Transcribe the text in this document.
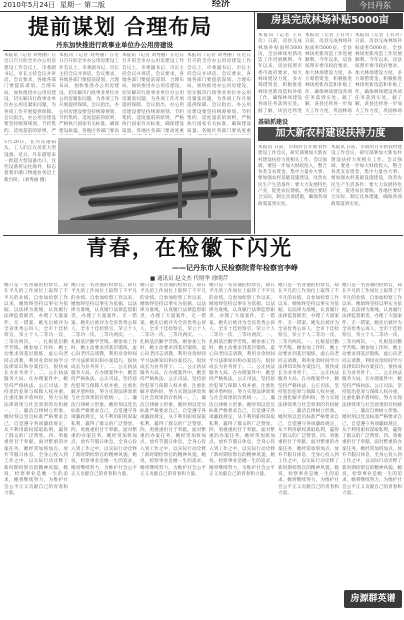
2010年5月24日 星期一 第二版	经济	今日丹东
提前谋划 合理布局
丹东加快推进行政事业单位办公用房建设

本报讯（记者 刘秀丽）在近日召开的全市办公用房建设工作会议上，市委副书记、市长主持会议并讲话。会议要求，各地各部门要提前谋划、合理布局，加快推进办公用房建设，切实解决行政事业单位办公用房紧张问题，为各项工作开展提供保障。会议指出，办公用房建设要坚持统筹规划、节约集约、适度超前的原则，严

本报讯（记者 刘秀丽）在近日召开的全市办公用房建设工作会议上，市委副书记、市长主持会议并讲话。会议要求，各地各部门要提前谋划、合理布局，加快推进办公用房建设，切实解决行政事业单位办公用房紧张问题，为各项工作开展提供保障。会议指出，办公用房建设要坚持统筹规划、节约集约、适度超前的原则，严格执行国家有关标准，确保建设质量。各地区各部门要高

本报讯（记者 刘秀丽）在近日召开的全市办公用房建设工作会议上，市委副书记、市长主持会议并讲话。会议要求，各地各部门要提前谋划、合理布局，加快推进办公用房建设，切实解决行政事业单位办公用房紧张问题，为各项工作开展提供保障。会议指出，办公用房建设要坚持统筹规划、节约集约、适度超前的原则，严格执行国家有关标准，确保建设质量。各地区各部门要高度重

本报讯（记者 刘秀丽）在近日召开的全市办公用房建设工作会议上，市委副书记、市长主持会议并讲话。会议要求，各地各部门要提前谋划、合理布局，加快推进办公用房建设，切实解决行政事业单位办公用房紧张问题，为各项工作开展提供保障。会议指出，办公用房建设要坚持统筹规划、节约集约、适度超前的原则，严格执行国家有关标准，确保建设质量。各地区各部门要高度重

5月20日，在丹东港码头，工人们正在吊装大型设备。近日，丹东港迎来一批超大型设备出口，这些设备将运往海外，标志着我市港口物流业务迈上新台阶。（刘秀丽 摄）

房县完成林场补贴5000亩

本报讯（记者 王有功）日前，房县完成林场补贴面积5000亩，全县林场更新改造工作进展顺利。今年以来，房县按照市委市政府要求，加大林场建设力度，多方筹措资金，积极推进林场更新改造和补贴工作，确保林场建设各项任务落到实处。据了解，该县还将进

本报讯（记者 王有功）日前，房县完成林场补贴面积5000亩，全县林场更新改造工作进展顺利。今年以来，房县按照市委市政府要求，加大林场建设力度，多方筹措资金，积极推进林场更新改造和补贴工作，确保林场建设各项任务落到实处。据了解，该县还将进一步加大工作力度，巩固林场

本报讯（记者 王有功）日前，房县完成林场补贴面积5000亩，全县林场更新改造工作进展顺利。今年以来，房县按照市委市政府要求，加大林场建设力度，多方筹措资金，积极推进林场更新改造和补贴工作，确保林场建设各项任务落到实处。据了解，该县还将进一步加大工作力度，巩固林场

基础抓建设
加大新农村建设扶持力度

本报讯 日前，市政府召开新农村建设工作会议，研究部署加大新农村建设扶持力度相关工作。会议强调，要进一步加大财政投入，整合各类支农资金，集中力量办大事；要加强农村基础设施建设，改善农民生产生活条件；要大力发展特色产业，促进农民增收。各地区要结合实际，制定具体措施，确保各项政策落到实处。

本报讯 日前，市政府召开新农村建设工作会议，研究部署加大新农村建设扶持力度相关工作。会议强调，要进一步加大财政投入，整合各类支农资金，集中力量办大事；要加强农村基础设施建设，改善农民生产生活条件；要大力发展特色产业，促进农民增收。各地区要结合实际，制定具体措施，确保各项政策落到实处。

青春，在检徽下闪光
——记丹东市人民检察院青年检察官李峥
■ 通讯员 赵文杰 代明华 徐明芹

她只是一名普通的检察官，却在平凡的工作岗位上取得了不平凡的业绩。自参加检察工作以来，她始终坚持以事实为依据、以法律为准绳，认真履行法律监督职责，办理了大量案件，无一错案。她先后被评为全省优秀公诉人、全市十佳检察官，荣立个人二等功一次、三等功两次。一、扎根基层勤学苦练。刚参加工作时，她主动要求到基层锻炼，虚心向老同志请教，利用业余时间学习法律知识和办案技巧，很快成长为业务骨干。二、公正执法服务大局。在办理案件中，她坚持严格执法、公正司法，坚持惩治犯罪与保障人权并重，注重化解矛盾纠纷，努力实现法律效果与社会效果的有机统一。三、廉洁自律树立形象。她时刻以党员标准严格要求自己，自觉遵守各项廉政规定，从不利用职权谋取私利，赢得了群众的广泛赞誉。四、勇挑重担甘于奉献。面对繁重的办案任务，她经常加班加点，放弃节假日休息，全身心投入到工作之中，以实际行动诠释了新时期检察官的精神风貌。她说，检察事业是她一生的追求，她将继续努力，为维护社会公平正义贡献自己的青春和力量。

她只是一名普通的检察官，却在平凡的工作岗位上取得了不平凡的业绩。自参加检察工作以来，她始终坚持以事实为依据、以法律为准绳，认真履行法律监督职责，办理了大量案件，无一错案。她先后被评为全省优秀公诉人、全市十佳检察官，荣立个人二等功一次、三等功两次。一、扎根基层勤学苦练。刚参加工作时，她主动要求到基层锻炼，虚心向老同志请教，利用业余时间学习法律知识和办案技巧，很快成长为业务骨干。二、公正执法服务大局。在办理案件中，她坚持严格执法、公正司法，坚持惩治犯罪与保障人权并重，注重化解矛盾纠纷，努力实现法律效果与社会效果的有机统一。三、廉洁自律树立形象。她时刻以党员标准严格要求自己，自觉遵守各项廉政规定，从不利用职权谋取私利，赢得了群众的广泛赞誉。四、勇挑重担甘于奉献。面对繁重的办案任务，她经常加班加点，放弃节假日休息，全身心投入到工作之中，以实际行动诠释了新时期检察官的精神风貌。她说，检察事业是她一生的追求，她将继续努力，为维护社会公平正义贡献自己的青春和力量。

她只是一名普通的检察官，却在平凡的工作岗位上取得了不平凡的业绩。自参加检察工作以来，她始终坚持以事实为依据、以法律为准绳，认真履行法律监督职责，办理了大量案件，无一错案。她先后被评为全省优秀公诉人、全市十佳检察官，荣立个人二等功一次、三等功两次。一、扎根基层勤学苦练。刚参加工作时，她主动要求到基层锻炼，虚心向老同志请教，利用业余时间学习法律知识和办案技巧，很快成长为业务骨干。二、公正执法服务大局。在办理案件中，她坚持严格执法、公正司法，坚持惩治犯罪与保障人权并重，注重化解矛盾纠纷，努力实现法律效果与社会效果的有机统一。三、廉洁自律树立形象。她时刻以党员标准严格要求自己，自觉遵守各项廉政规定，从不利用职权谋取私利，赢得了群众的广泛赞誉。四、勇挑重担甘于奉献。面对繁重的办案任务，她经常加班加点，放弃节假日休息，全身心投入到工作之中，以实际行动诠释了新时期检察官的精神风貌。她说，检察事业是她一生的追求，她将继续努力，为维护社会公平正义贡献自己的青春和力量。

她只是一名普通的检察官，却在平凡的工作岗位上取得了不平凡的业绩。自参加检察工作以来，她始终坚持以事实为依据、以法律为准绳，认真履行法律监督职责，办理了大量案件，无一错案。她先后被评为全省优秀公诉人、全市十佳检察官，荣立个人二等功一次、三等功两次。一、扎根基层勤学苦练。刚参加工作时，她主动要求到基层锻炼，虚心向老同志请教，利用业余时间学习法律知识和办案技巧，很快成长为业务骨干。二、公正执法服务大局。在办理案件中，她坚持严格执法、公正司法，坚持惩治犯罪与保障人权并重，注重化解矛盾纠纷，努力实现法律效果与社会效果的有机统一。三、廉洁自律树立形象。她时刻以党员标准严格要求自己，自觉遵守各项廉政规定，从不利用职权谋取私利，赢得了群众的广泛赞誉。四、勇挑重担甘于奉献。面对繁重的办案任务，她经常加班加点，放弃节假日休息，全身心投入到工作之中，以实际行动诠释了新时期检察官的精神风貌。她说，检察事业是她一生的追求，她将继续努力，为维护社会公平正义贡献自己的青春和力量。

她只是一名普通的检察官，却在平凡的工作岗位上取得了不平凡的业绩。自参加检察工作以来，她始终坚持以事实为依据、以法律为准绳，认真履行法律监督职责，办理了大量案件，无一错案。她先后被评为全省优秀公诉人、全市十佳检察官，荣立个人二等功一次、三等功两次。一、扎根基层勤学苦练。刚参加工作时，她主动要求到基层锻炼，虚心向老同志请教，利用业余时间学习法律知识和办案技巧，很快成长为业务骨干。二、公正执法服务大局。在办理案件中，她坚持严格执法、公正司法，坚持惩治犯罪与保障人权并重，注重化解矛盾纠纷，努力实现法律效果与社会效果的有机统一。三、廉洁自律树立形象。她时刻以党员标准严格要求自己，自觉遵守各项廉政规定，从不利用职权谋取私利，赢得了群众的广泛赞誉。四、勇挑重担甘于奉献。面对繁重的办案任务，她经常加班加点，放弃节假日休息，全身心投入到工作之中，以实际行动诠释了新时期检察官的精神风貌。她说，检察事业是她一生的追求，她将继续努力，为维护社会公平正义贡献自己的青春和力量。

她只是一名普通的检察官，却在平凡的工作岗位上取得了不平凡的业绩。自参加检察工作以来，她始终坚持以事实为依据、以法律为准绳，认真履行法律监督职责，办理了大量案件，无一错案。她先后被评为全省优秀公诉人、全市十佳检察官，荣立个人二等功一次、三等功两次。一、扎根基层勤学苦练。刚参加工作时，她主动要求到基层锻炼，虚心向老同志请教，利用业余时间学习法律知识和办案技巧，很快成长为业务骨干。二、公正执法服务大局。在办理案件中，她坚持严格执法、公正司法，坚持惩治犯罪与保障人权并重，注重化解矛盾纠纷，努力实现法律效果与社会效果的有机统一。三、廉洁自律树立形象。她时刻以党员标准严格要求自己，自觉遵守各项廉政规定，从不利用职权谋取私利，赢得了群众的广泛赞誉。四、勇挑重担甘于奉献。面对繁重的办案任务，她经常加班加点，放弃节假日休息，全身心投入到工作之中，以实际行动诠释了新时期检察官的精神风貌。她说，检察事业是她一生的追求，她将继续努力，为维护社会公平正义贡献自己的青春和力量。

房源群英谱
